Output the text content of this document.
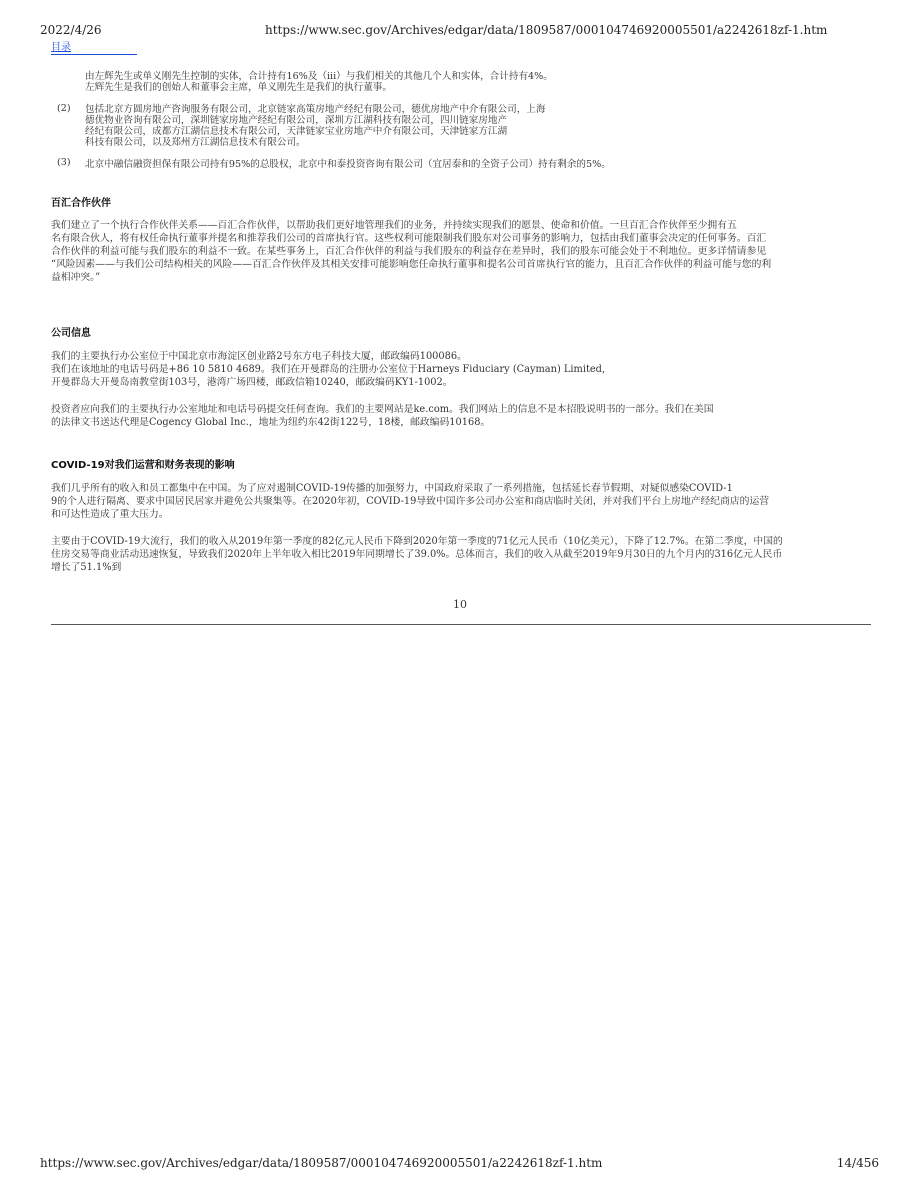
2022/4/26	https://www.sec.gov/Archives/edgar/data/1809587/000104746920005501/a2242618zf-1.htm
目录
由左辉先生或单义刚先生控制的实体，合计持有16%及（iii）与我们相关的其他几个人和实体，合计持有4%。
左辉先生是我们的创始人和董事会主席，单义刚先生是我们的执行董事。
(2) 包括北京方圆房地产咨询服务有限公司，北京链家高策房地产经纪有限公司，德优房地产中介有限公司，上海
德优物业咨询有限公司，深圳链家房地产经纪有限公司，深圳方江湖科技有限公司，四川链家房地产
经纪有限公司，成都方江湖信息技术有限公司，天津链家宝业房地产中介有限公司，天津链家方江湖
科技有限公司，以及郑州方江湖信息技术有限公司。
(3) 北京中融信融资担保有限公司持有95%的总股权，北京中和泰投资咨询有限公司（宜居泰和的全资子公司）持有剩余的5%。
百汇合作伙伴
我们建立了一个执行合作伙伴关系——百汇合作伙伴，以帮助我们更好地管理我们的业务，并持续实现我们的愿景、使命和价值。一旦百汇合作伙伴至少拥有五
名有限合伙人，将有权任命执行董事并提名和推荐我们公司的首席执行官。这些权利可能限制我们股东对公司事务的影响力，包括由我们董事会决定的任何事务。百汇
合作伙伴的利益可能与我们股东的利益不一致。在某些事务上，百汇合作伙伴的利益与我们股东的利益存在差异时，我们的股东可能会处于不利地位。更多详情请参见
“风险因素——与我们公司结构相关的风险——百汇合作伙伴及其相关安排可能影响您任命执行董事和提名公司首席执行官的能力，且百汇合作伙伴的利益可能与您的利
益相冲突。”
公司信息
我们的主要执行办公室位于中国北京市海淀区创业路2号东方电子科技大厦，邮政编码100086。
我们在该地址的电话号码是+86 10 5810 4689。我们在开曼群岛的注册办公室位于Harneys Fiduciary (Cayman) Limited,
开曼群岛大开曼岛南教堂街103号，港湾广场四楼，邮政信箱10240，邮政编码KY1-1002。
投资者应向我们的主要执行办公室地址和电话号码提交任何查询。我们的主要网站是ke.com。我们网站上的信息不是本招股说明书的一部分。我们在美国
的法律文书送达代理是Cogency Global Inc.，地址为纽约东42街122号，18楼，邮政编码10168。
COVID-19对我们运营和财务表现的影响
我们几乎所有的收入和员工都集中在中国。为了应对遏制COVID-19传播的加强努力，中国政府采取了一系列措施，包括延长春节假期、对疑似感染COVID-1
9的个人进行隔离、要求中国居民居家并避免公共聚集等。在2020年初，COVID-19导致中国许多公司办公室和商店临时关闭，并对我们平台上房地产经纪商店的运营
和可达性造成了重大压力。
主要由于COVID-19大流行，我们的收入从2019年第一季度的82亿元人民币下降到2020年第一季度的71亿元人民币（10亿美元），下降了12.7%。在第二季度，中国的
住房交易等商业活动迅速恢复，导致我们2020年上半年收入相比2019年同期增长了39.0%。总体而言，我们的收入从截至2019年9月30日的九个月内的316亿元人民币
增长了51.1%到
10
https://www.sec.gov/Archives/edgar/data/1809587/000104746920005501/a2242618zf-1.htm	14/456
